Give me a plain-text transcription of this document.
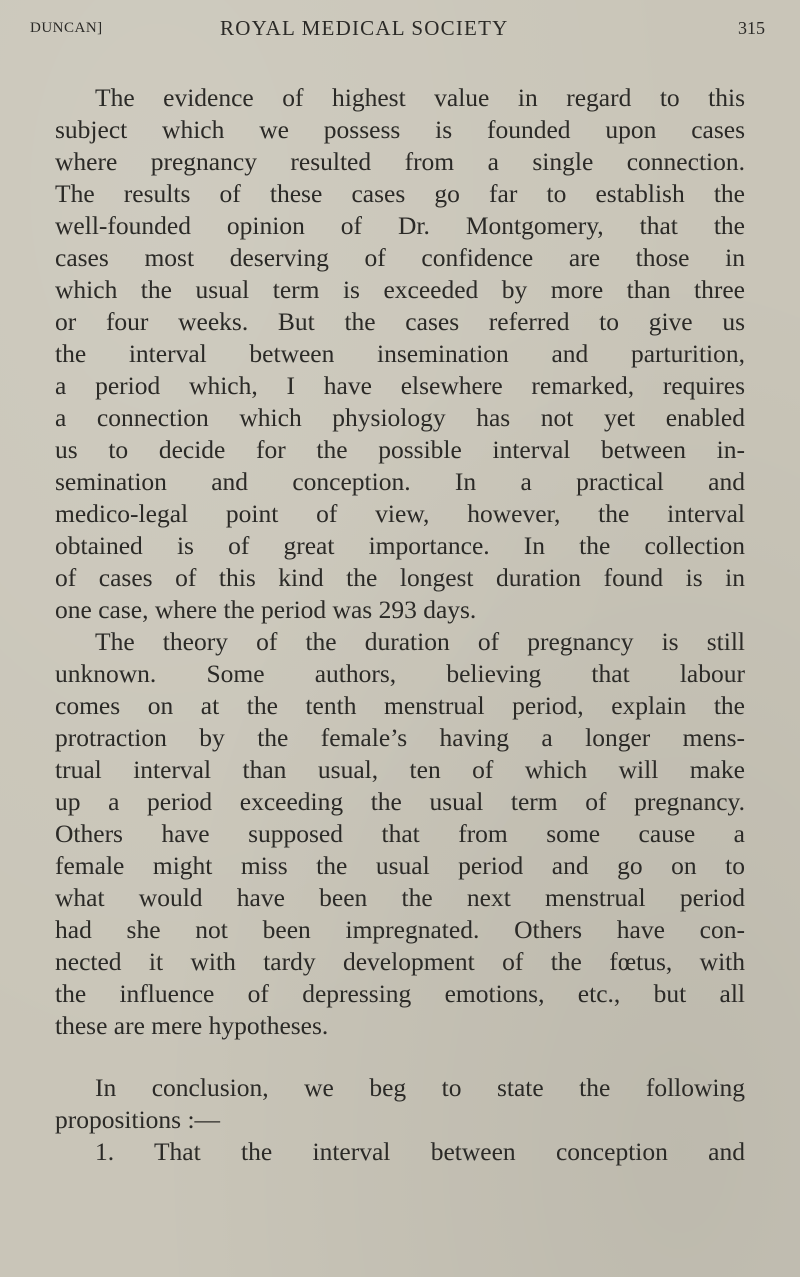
DUNCAN]	ROYAL MEDICAL SOCIETY	315
The evidence of highest value in regard to this
subject which we possess is founded upon cases
where pregnancy resulted from a single connection.
The results of these cases go far to establish the
well-founded opinion of Dr. Montgomery, that the
cases most deserving of confidence are those in
which the usual term is exceeded by more than three
or four weeks. But the cases referred to give us
the interval between insemination and parturition,
a period which, I have elsewhere remarked, requires
a connection which physiology has not yet enabled
us to decide for the possible interval between in-
semination and conception. In a practical and
medico-legal point of view, however, the interval
obtained is of great importance. In the collection
of cases of this kind the longest duration found is in
one case, where the period was 293 days.
The theory of the duration of pregnancy is still
unknown. Some authors, believing that labour
comes on at the tenth menstrual period, explain the
protraction by the female’s having a longer mens-
trual interval than usual, ten of which will make
up a period exceeding the usual term of pregnancy.
Others have supposed that from some cause a
female might miss the usual period and go on to
what would have been the next menstrual period
had she not been impregnated. Others have con-
nected it with tardy development of the fœtus, with
the influence of depressing emotions, etc., but all
these are mere hypotheses.
In conclusion, we beg to state the following
propositions :—
1. That the interval between conception and
